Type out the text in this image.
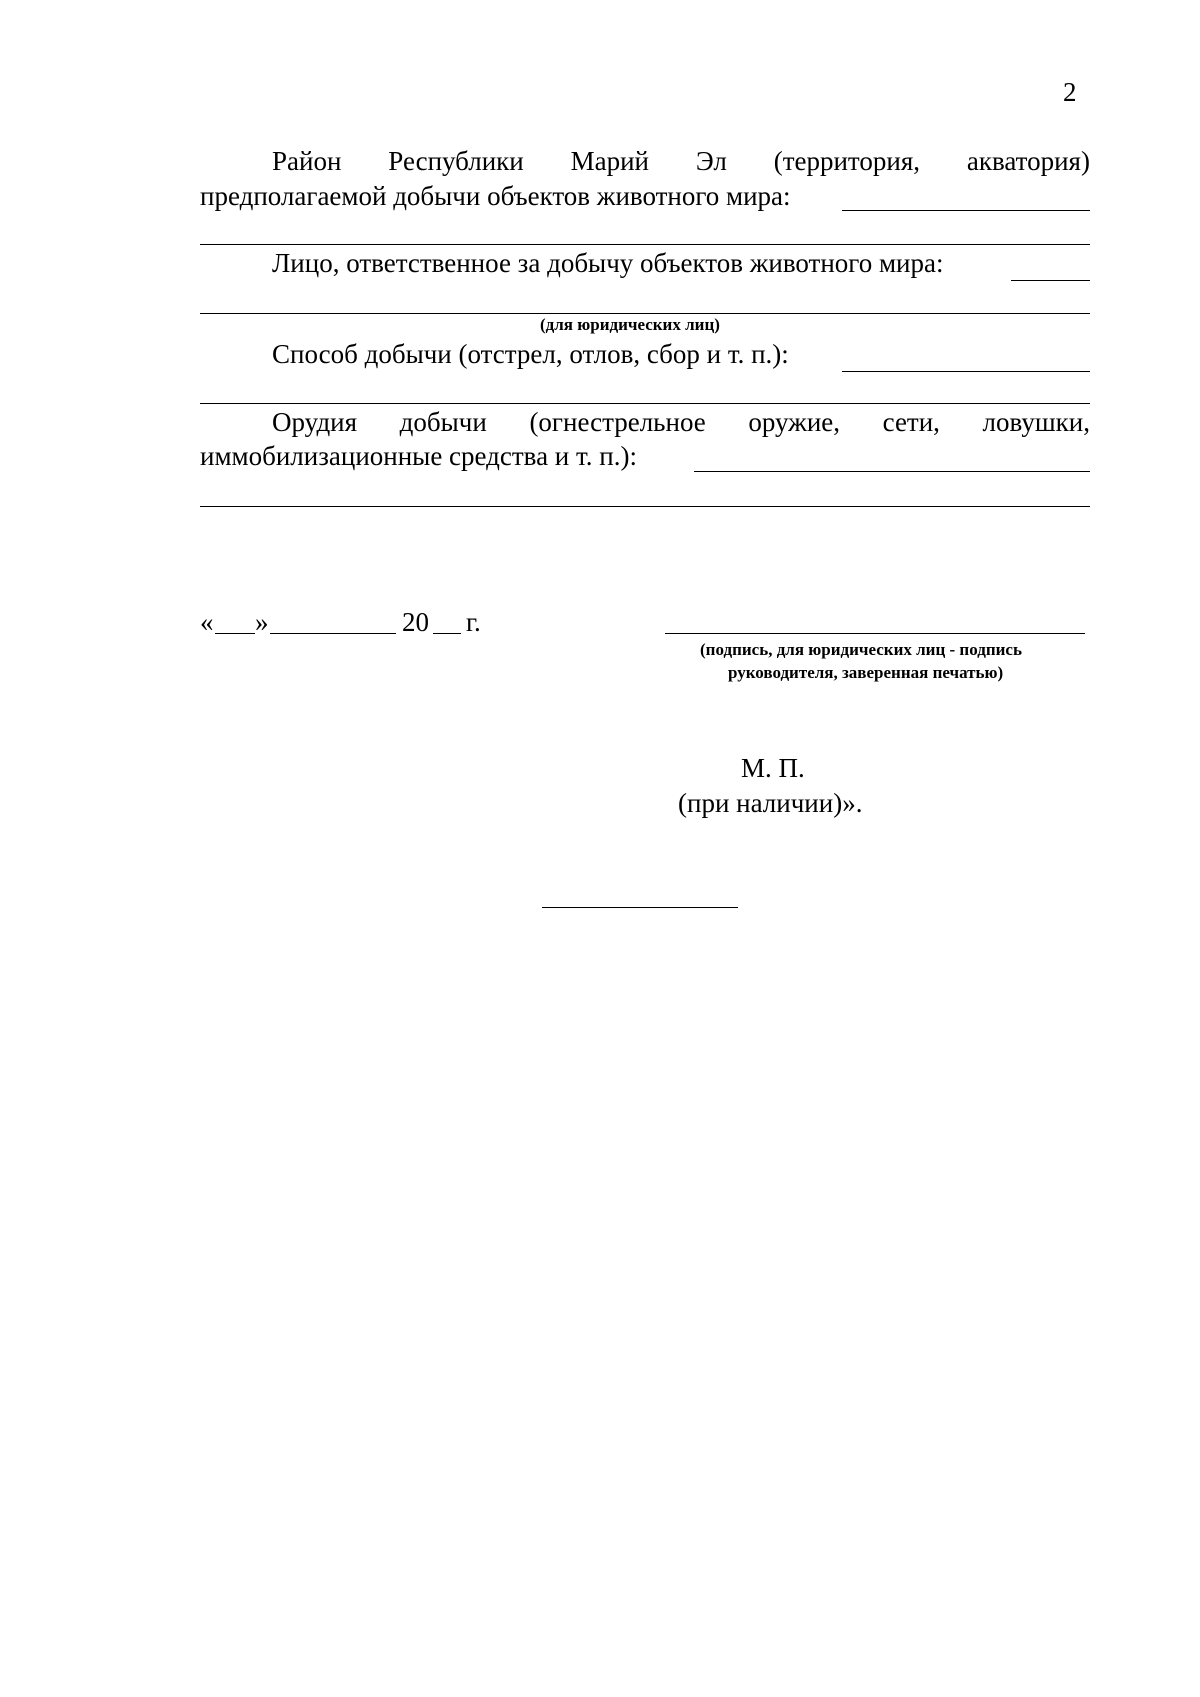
2
Район Республики Марий Эл (территория, акватория)
предполагаемой добычи объектов животного мира:
Лицо, ответственное за добычу объектов животного мира:
(для юридических лиц)
Способ добычи (отстрел, отлов, сбор и т. п.):
Орудия добычи (огнестрельное оружие, сети, ловушки,
иммобилизационные средства и т. п.):
« »	20 г.
(подпись, для юридических лиц - подпись
руководителя, заверенная печатью)
М. П.
(при наличии)».
